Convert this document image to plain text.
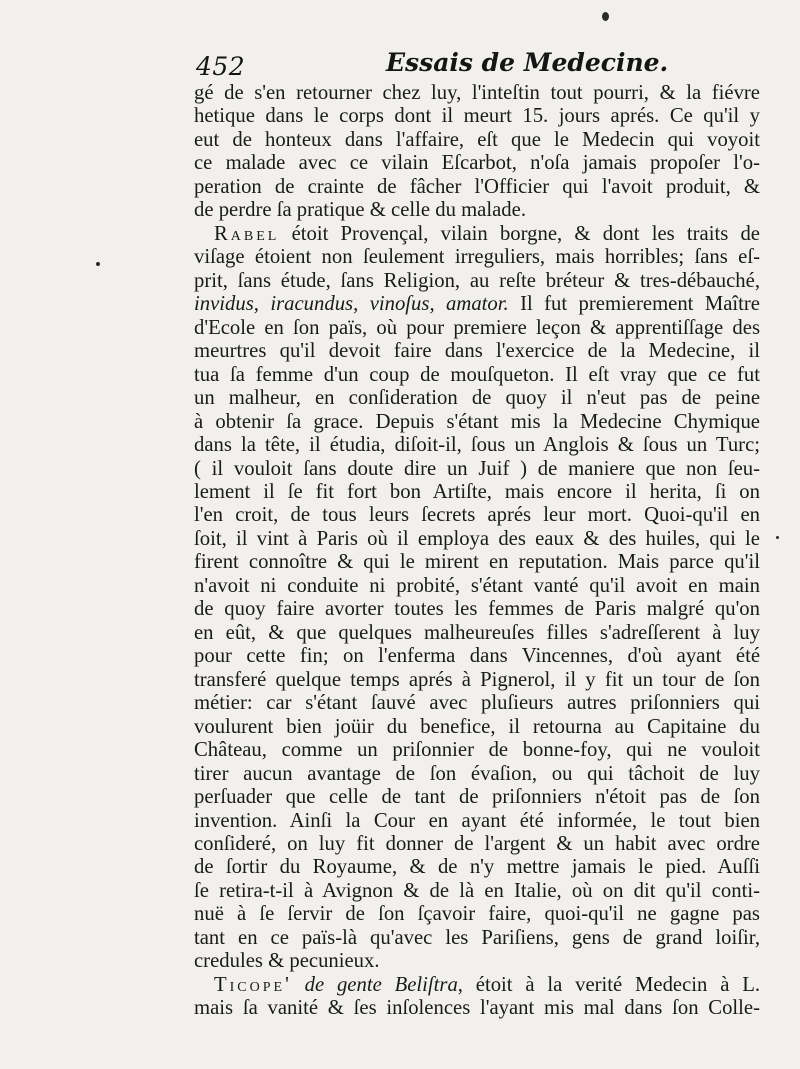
452	Essais de Medecine.
gé de s'en retourner chez luy, l'inteſtin tout pourri, & la fiévre
hetique dans le corps dont il meurt 15. jours aprés. Ce qu'il y
eut de honteux dans l'affaire, eſt que le Medecin qui voyoit
ce malade avec ce vilain Eſcarbot, n'oſa jamais propoſer l'o-
peration de crainte de fâcher l'Officier qui l'avoit produit, &
de perdre ſa pratique & celle du malade.
Rabel étoit Provençal, vilain borgne, & dont les traits de
viſage étoient non ſeulement irreguliers, mais horribles; ſans eſ-
prit, ſans étude, ſans Religion, au reſte bréteur & tres-débauché,
invidus, iracundus, vinoſus, amator. Il fut premierement Maître
d'Ecole en ſon païs, où pour premiere leçon & apprentiſſage des
meurtres qu'il devoit faire dans l'exercice de la Medecine, il
tua ſa femme d'un coup de mouſqueton. Il eſt vray que ce fut
un malheur, en conſideration de quoy il n'eut pas de peine
à obtenir ſa grace. Depuis s'étant mis la Medecine Chymique
dans la tête, il étudia, diſoit-il, ſous un Anglois & ſous un Turc;
( il vouloit ſans doute dire un Juif ) de maniere que non ſeu-
lement il ſe fit fort bon Artiſte, mais encore il herita, ſi on
l'en croit, de tous leurs ſecrets aprés leur mort. Quoi-qu'il en
ſoit, il vint à Paris où il employa des eaux & des huiles, qui le
firent connoître & qui le mirent en reputation. Mais parce qu'il
n'avoit ni conduite ni probité, s'étant vanté qu'il avoit en main
de quoy faire avorter toutes les femmes de Paris malgré qu'on
en eût, & que quelques malheureuſes filles s'adreſſerent à luy
pour cette fin; on l'enferma dans Vincennes, d'où ayant été
transferé quelque temps aprés à Pignerol, il y fit un tour de ſon
métier: car s'étant ſauvé avec pluſieurs autres priſonniers qui
voulurent bien joüir du benefice, il retourna au Capitaine du
Château, comme un priſonnier de bonne-foy, qui ne vouloit
tirer aucun avantage de ſon évaſion, ou qui tâchoit de luy
perſuader que celle de tant de priſonniers n'étoit pas de ſon
invention. Ainſi la Cour en ayant été informée, le tout bien
conſideré, on luy fit donner de l'argent & un habit avec ordre
de ſortir du Royaume, & de n'y mettre jamais le pied. Auſſi
ſe retira-t-il à Avignon & de là en Italie, où on dit qu'il conti-
nuë à ſe ſervir de ſon ſçavoir faire, quoi-qu'il ne gagne pas
tant en ce païs-là qu'avec les Pariſiens, gens de grand loiſir,
credules & pecunieux.
Ticope' de gente Beliſtra, étoit à la verité Medecin à L.
mais ſa vanité & ſes inſolences l'ayant mis mal dans ſon Colle-
